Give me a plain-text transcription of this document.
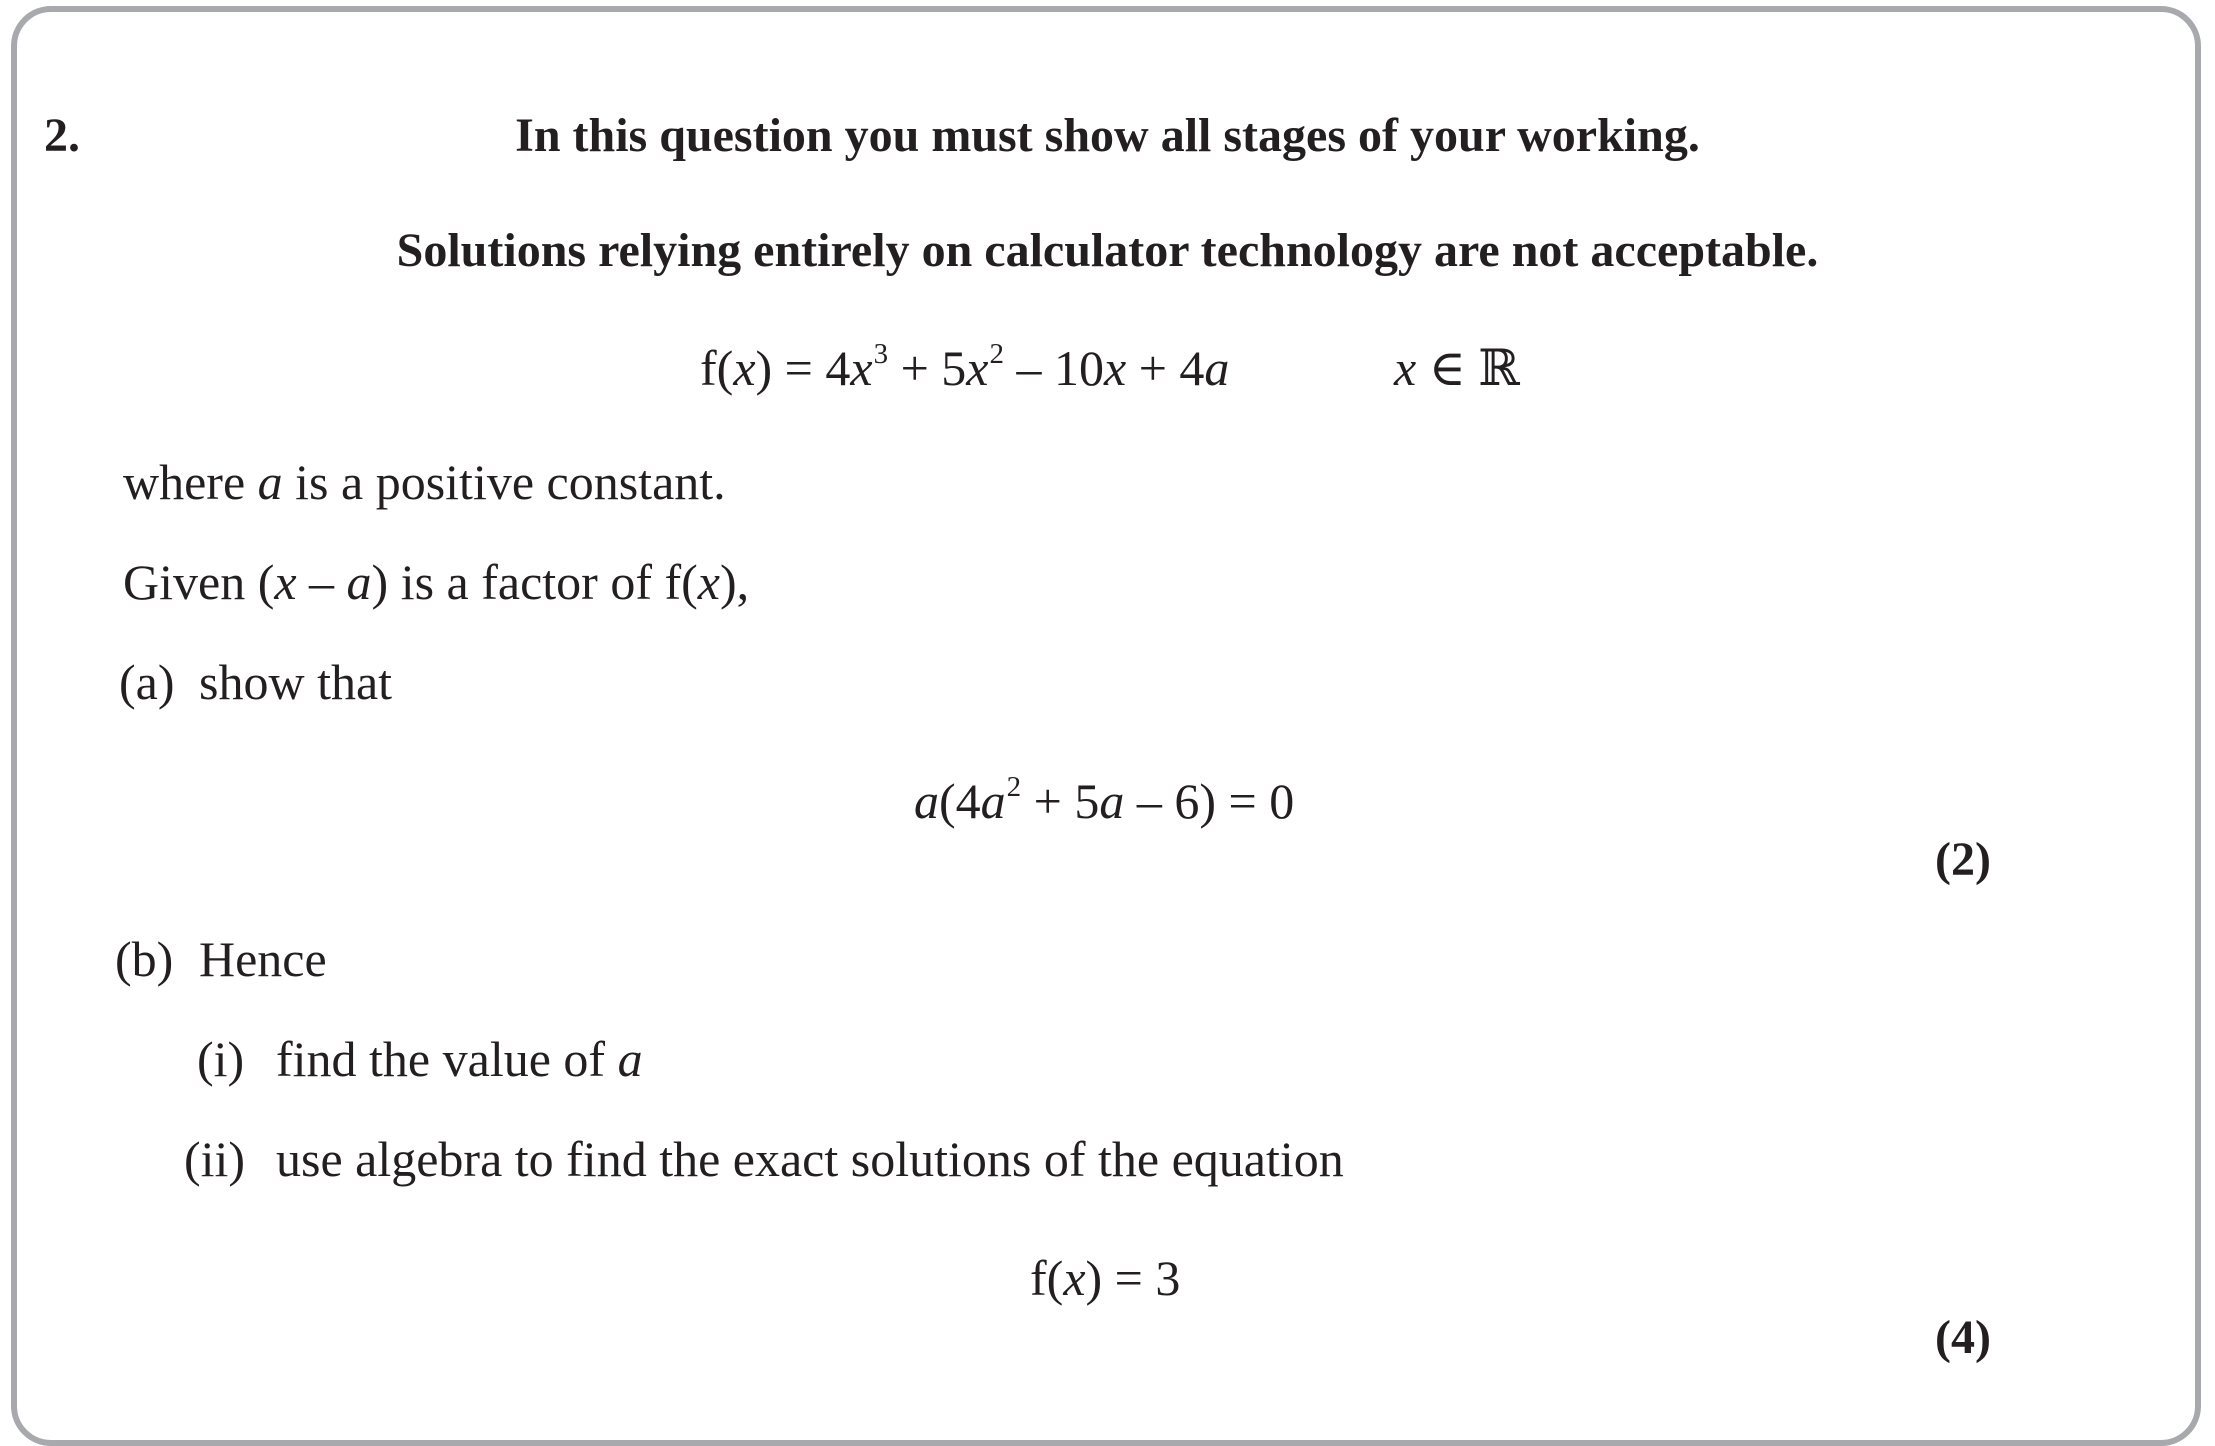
2.	In this question you must show all stages of your working.
Solutions relying entirely on calculator technology are not acceptable.
$f(x) = 4x^3 + 5x^2 - 10x + 4a$	x ∈ ℝ
where a is a positive constant.
Given (x – a) is a factor of f(x),
(a) show that
$a(4a^2 + 5a - 6) = 0$
(2)
(b) Hence
(i) find the value of a
(ii) use algebra to find the exact solutions of the equation
f(x) = 3
(4)
